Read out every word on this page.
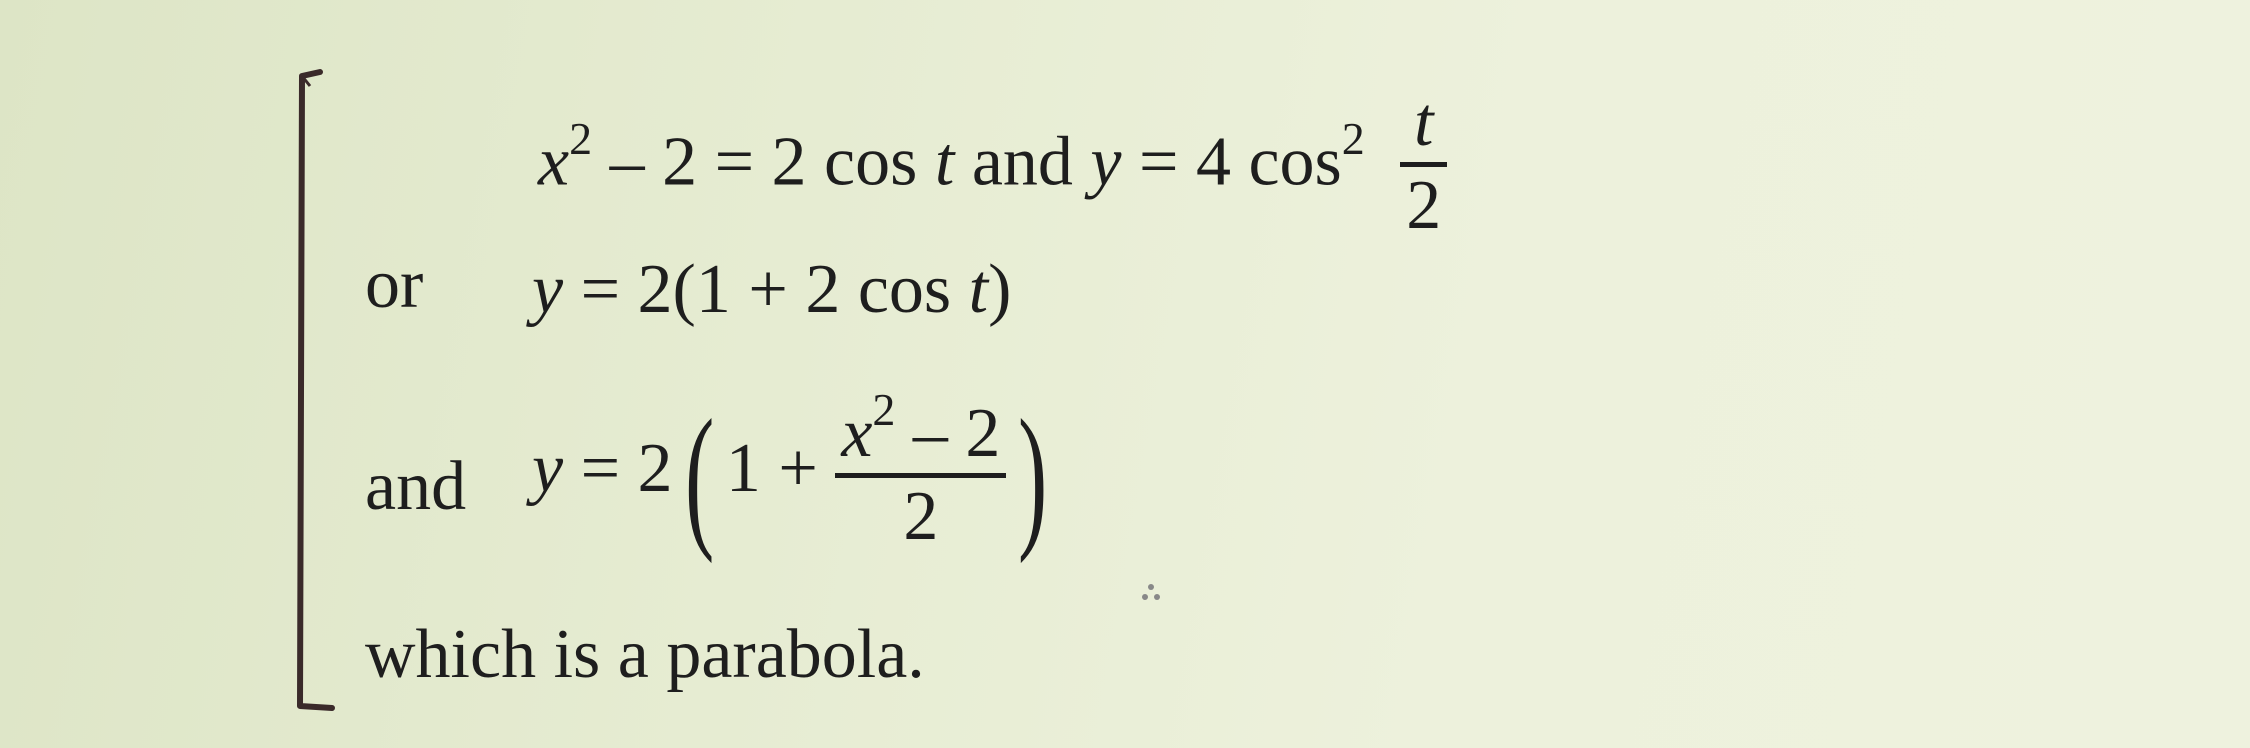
$x^2 - 2 = 2$ cos t and y = 4 $\cos^2 t$
2
or y = 2(1 + 2 cos t)
and y = 2( $1 + x^2 - 2$
2 )
which is a parabola.
